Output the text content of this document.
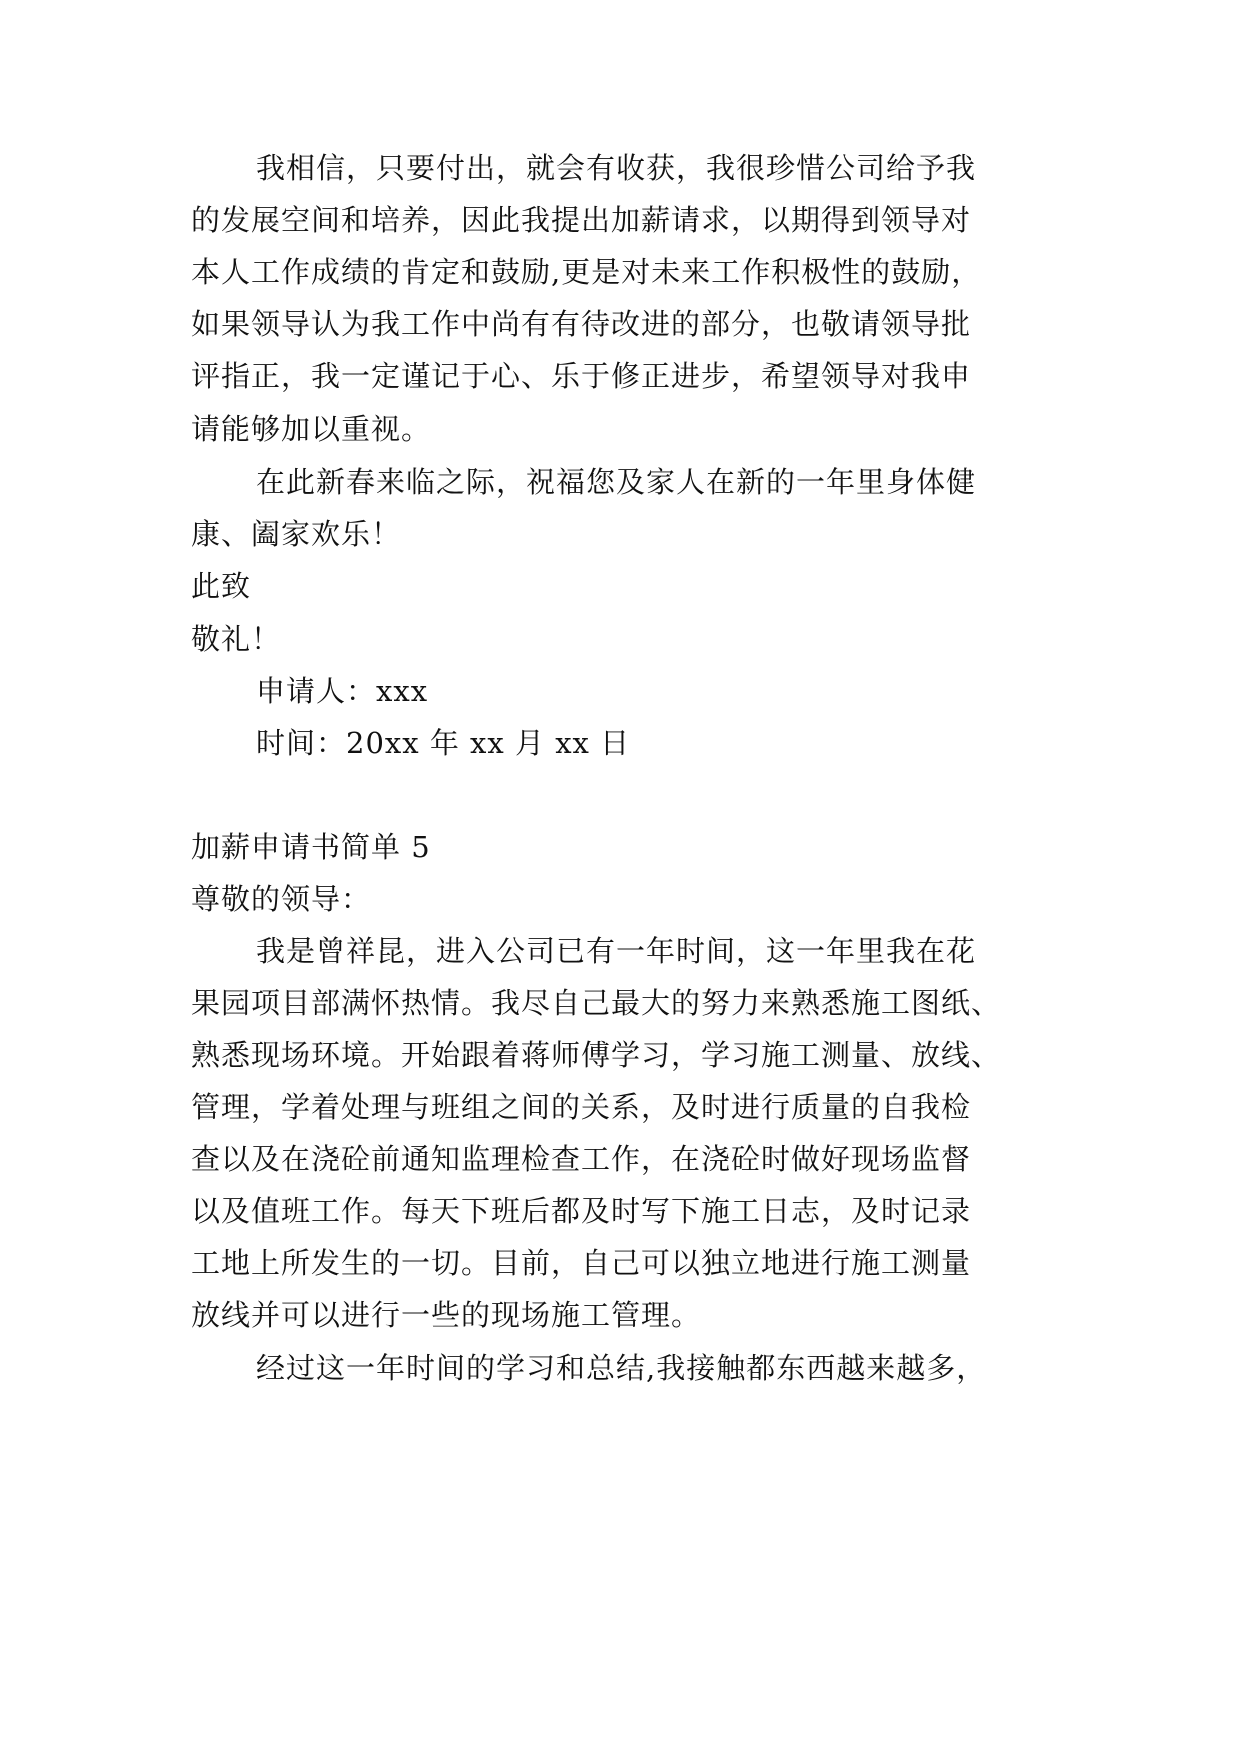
我相信，只要付出，就会有收获，我很珍惜公司给予我
的发展空间和培养，因此我提出加薪请求，以期得到领导对
本人工作成绩的肯定和鼓励,更是对未来工作积极性的鼓励，
如果领导认为我工作中尚有有待改进的部分，也敬请领导批
评指正，我一定谨记于心、乐于修正进步，希望领导对我申
请能够加以重视。
在此新春来临之际，祝福您及家人在新的一年里身体健
康、阖家欢乐！
此致
敬礼！
申请人：xxx
时间：20xx 年 xx 月 xx 日
加薪申请书简单 5
尊敬的领导：
我是曾祥昆，进入公司已有一年时间，这一年里我在花
果园项目部满怀热情。我尽自己最大的努力来熟悉施工图纸、
熟悉现场环境。开始跟着蒋师傅学习，学习施工测量、放线、
管理，学着处理与班组之间的关系，及时进行质量的自我检
查以及在浇砼前通知监理检查工作，在浇砼时做好现场监督
以及值班工作。每天下班后都及时写下施工日志，及时记录
工地上所发生的一切。目前，自己可以独立地进行施工测量
放线并可以进行一些的现场施工管理。
经过这一年时间的学习和总结,我接触都东西越来越多，
